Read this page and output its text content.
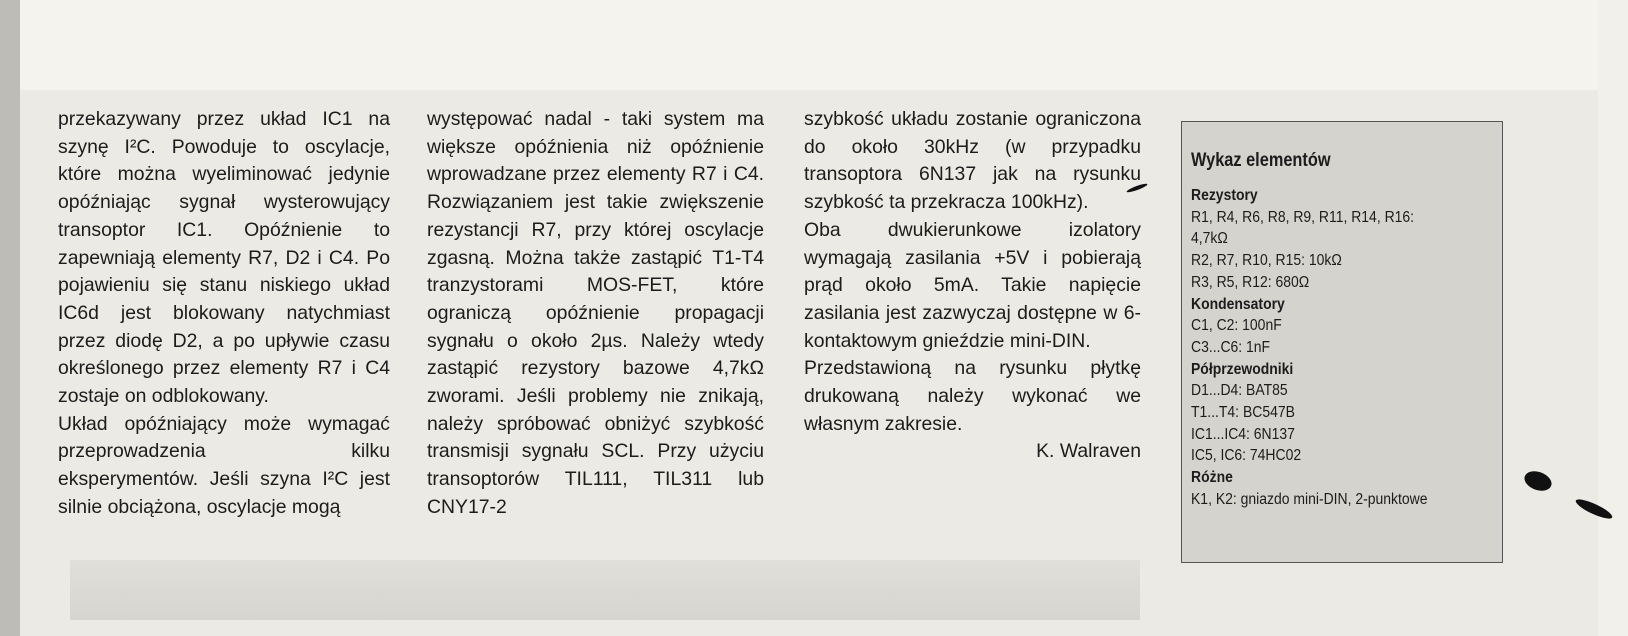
przekazywany przez układ IC1 na szynę I²C. Powoduje to oscylacje, które można wyeliminować jedynie opóźniając sygnał wysterowujący transoptor IC1. Opóźnienie to zapewniają elementy R7, D2 i C4. Po pojawieniu się stanu niskiego układ IC6d jest blokowany natychmiast przez diodę D2, a po upływie czasu określonego przez elementy R7 i C4 zostaje on odblokowany.

Układ opóźniający może wymagać przeprowadzenia kilku eksperymentów. Jeśli szyna I²C jest silnie obciążona, oscylacje mogą

występować nadal - taki system ma większe opóźnienia niż opóźnienie wprowadzane przez elementy R7 i C4. Rozwiązaniem jest takie zwiększenie rezystancji R7, przy której oscylacje zgasną. Można także zastąpić T1-T4 tranzystorami MOS-FET, które ograniczą opóźnienie propagacji sygnału o około 2µs. Należy wtedy zastąpić rezystory bazowe 4,7kΩ zworami. Jeśli problemy nie znikają, należy spróbować obniżyć szybkość transmisji sygnału SCL. Przy użyciu transoptorów TIL111, TIL311 lub CNY17-2

szybkość układu zostanie ograniczona do około 30kHz (w przypadku transoptora 6N137 jak na rysunku szybkość ta przekracza 100kHz).

Oba dwukierunkowe izolatory wymagają zasilania +5V i pobierają prąd około 5mA. Takie napięcie zasilania jest zazwyczaj dostępne w 6-kontaktowym gnieździe mini-DIN.

Przedstawioną na rysunku płytkę drukowaną należy wykonać we własnym zakresie.

K. Walraven

Wykaz elementów
Rezystory
R1, R4, R6, R8, R9, R11, R14, R16:
4,7kΩ
R2, R7, R10, R15: 10kΩ
R3, R5, R12: 680Ω
Kondensatory
C1, C2: 100nF
C3...C6: 1nF
Półprzewodniki
D1...D4: BAT85
T1...T4: BC547B
IC1...IC4: 6N137
IC5, IC6: 74HC02
Różne
K1, K2: gniazdo mini-DIN, 2-punktowe
